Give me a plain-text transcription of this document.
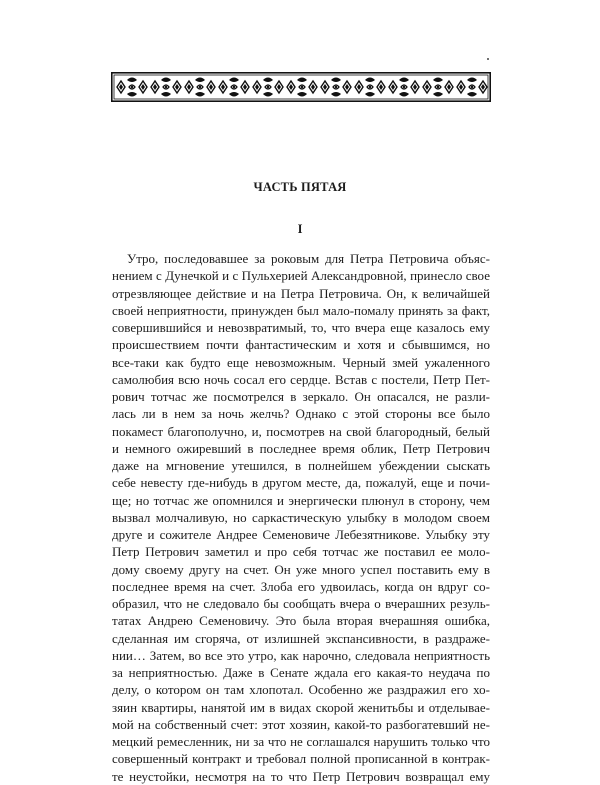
ЧАСТЬ ПЯТАЯ
I
Утро, последовавшее за роковым для Петра Петровича объяс-
нением с Дунечкой и с Пульхерией Александровной, принесло свое
отрезвляющее действие и на Петра Петровича. Он, к величайшей
своей неприятности, принужден был мало-помалу принять за факт,
совершившийся и невозвратимый, то, что вчера еще казалось ему
происшествием почти фантастическим и хотя и сбывшимся, но
все-таки как будто еще невозможным. Черный змей ужаленного
самолюбия всю ночь сосал его сердце. Встав с постели, Петр Пет-
рович тотчас же посмотрелся в зеркало. Он опасался, не разли-
лась ли в нем за ночь желчь? Однако с этой стороны все было
покамест благополучно, и, посмотрев на свой благородный, белый
и немного ожиревший в последнее время облик, Петр Петрович
даже на мгновение утешился, в полнейшем убеждении сыскать
себе невесту где-нибудь в другом месте, да, пожалуй, еще и почи-
ще; но тотчас же опомнился и энергически плюнул в сторону, чем
вызвал молчаливую, но саркастическую улыбку в молодом своем
друге и сожителе Андрее Семеновиче Лебезятникове. Улыбку эту
Петр Петрович заметил и про себя тотчас же поставил ее моло-
дому своему другу на счет. Он уже много успел поставить ему в
последнее время на счет. Злоба его удвоилась, когда он вдруг со-
образил, что не следовало бы сообщать вчера о вчерашних резуль-
татах Андрею Семеновичу. Это была вторая вчерашняя ошибка,
сделанная им сгоряча, от излишней экспансивности, в раздраже-
нии… Затем, во все это утро, как нарочно, следовала неприятность
за неприятностью. Даже в Сенате ждала его какая-то неудача по
делу, о котором он там хлопотал. Особенно же раздражил его хо-
зяин квартиры, нанятой им в видах скорой женитьбы и отделывае-
мой на собственный счет: этот хозяин, какой-то разбогатевший не-
мецкий ремесленник, ни за что не соглашался нарушить только что
совершенный контракт и требовал полной прописанной в контрак-
те неустойки, несмотря на то что Петр Петрович возвращал ему
